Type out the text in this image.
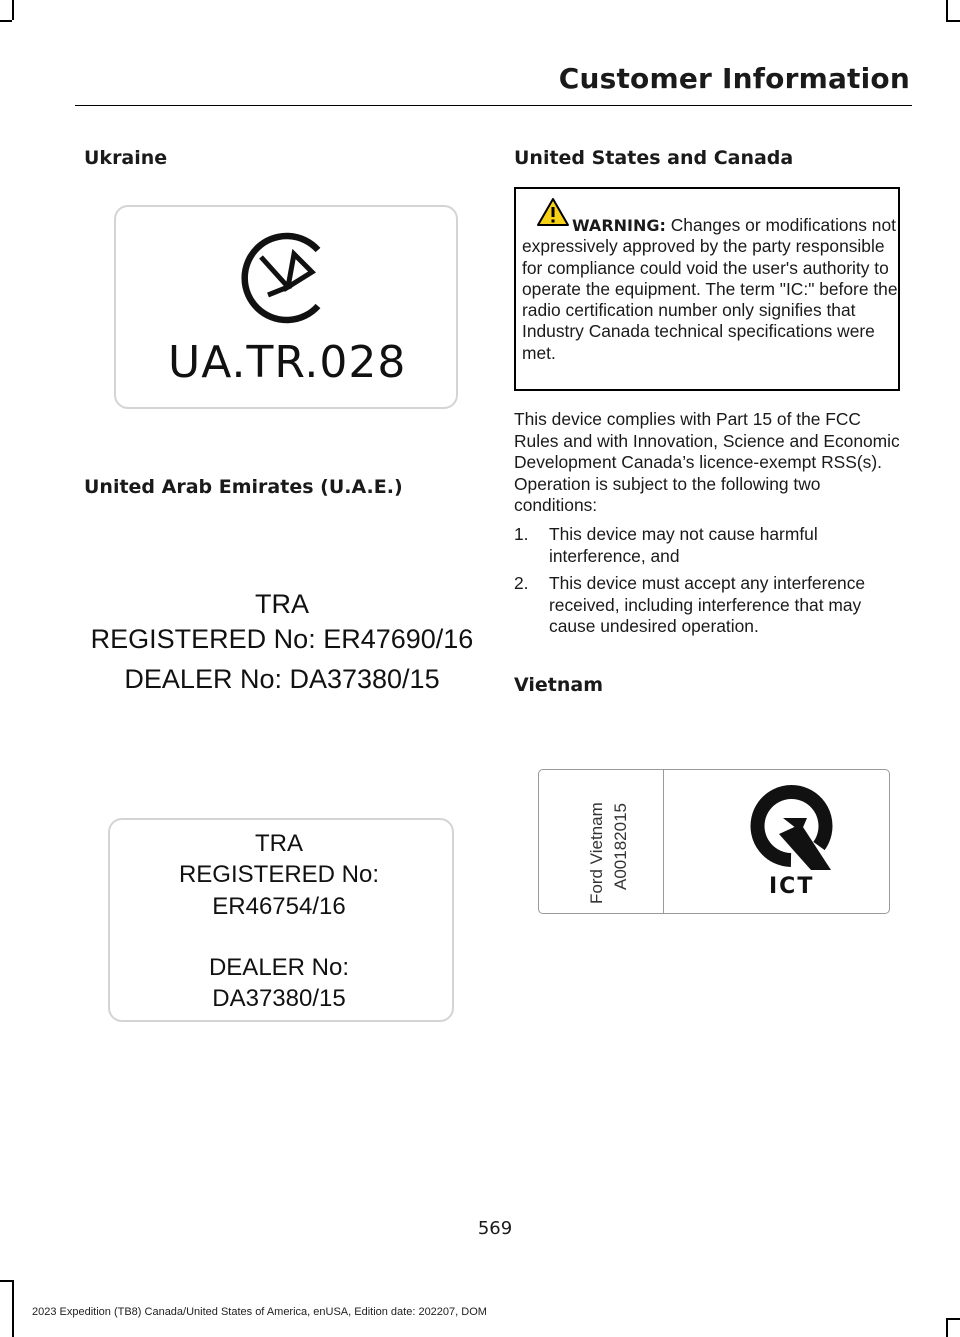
Customer Information
Ukraine
UA.TR.028
United Arab Emirates (U.A.E.)
TRA
REGISTERED No: ER47690/16
DEALER No: DA37380/15
TRA
REGISTERED No:
ER46754/16
DEALER No:
DA37380/15
United States and Canada
WARNING: Changes or modifications not expressively approved by the party responsible for compliance could void the user's authority to operate the equipment. The term "IC:" before the radio certification number only signifies that Industry Canada technical specifications were met.
This device complies with Part 15 of the FCC Rules and with Innovation, Science and Economic Development Canada’s licence-exempt RSS(s). Operation is subject to the following two conditions:
1.	This device may not cause harmful interference, and
2.	This device must accept any interference received, including interference that may cause undesired operation.
Vietnam
Ford Vietnam A00182015	ICT
569
2023 Expedition (TB8) Canada/United States of America, enUSA, Edition date: 202207, DOM
